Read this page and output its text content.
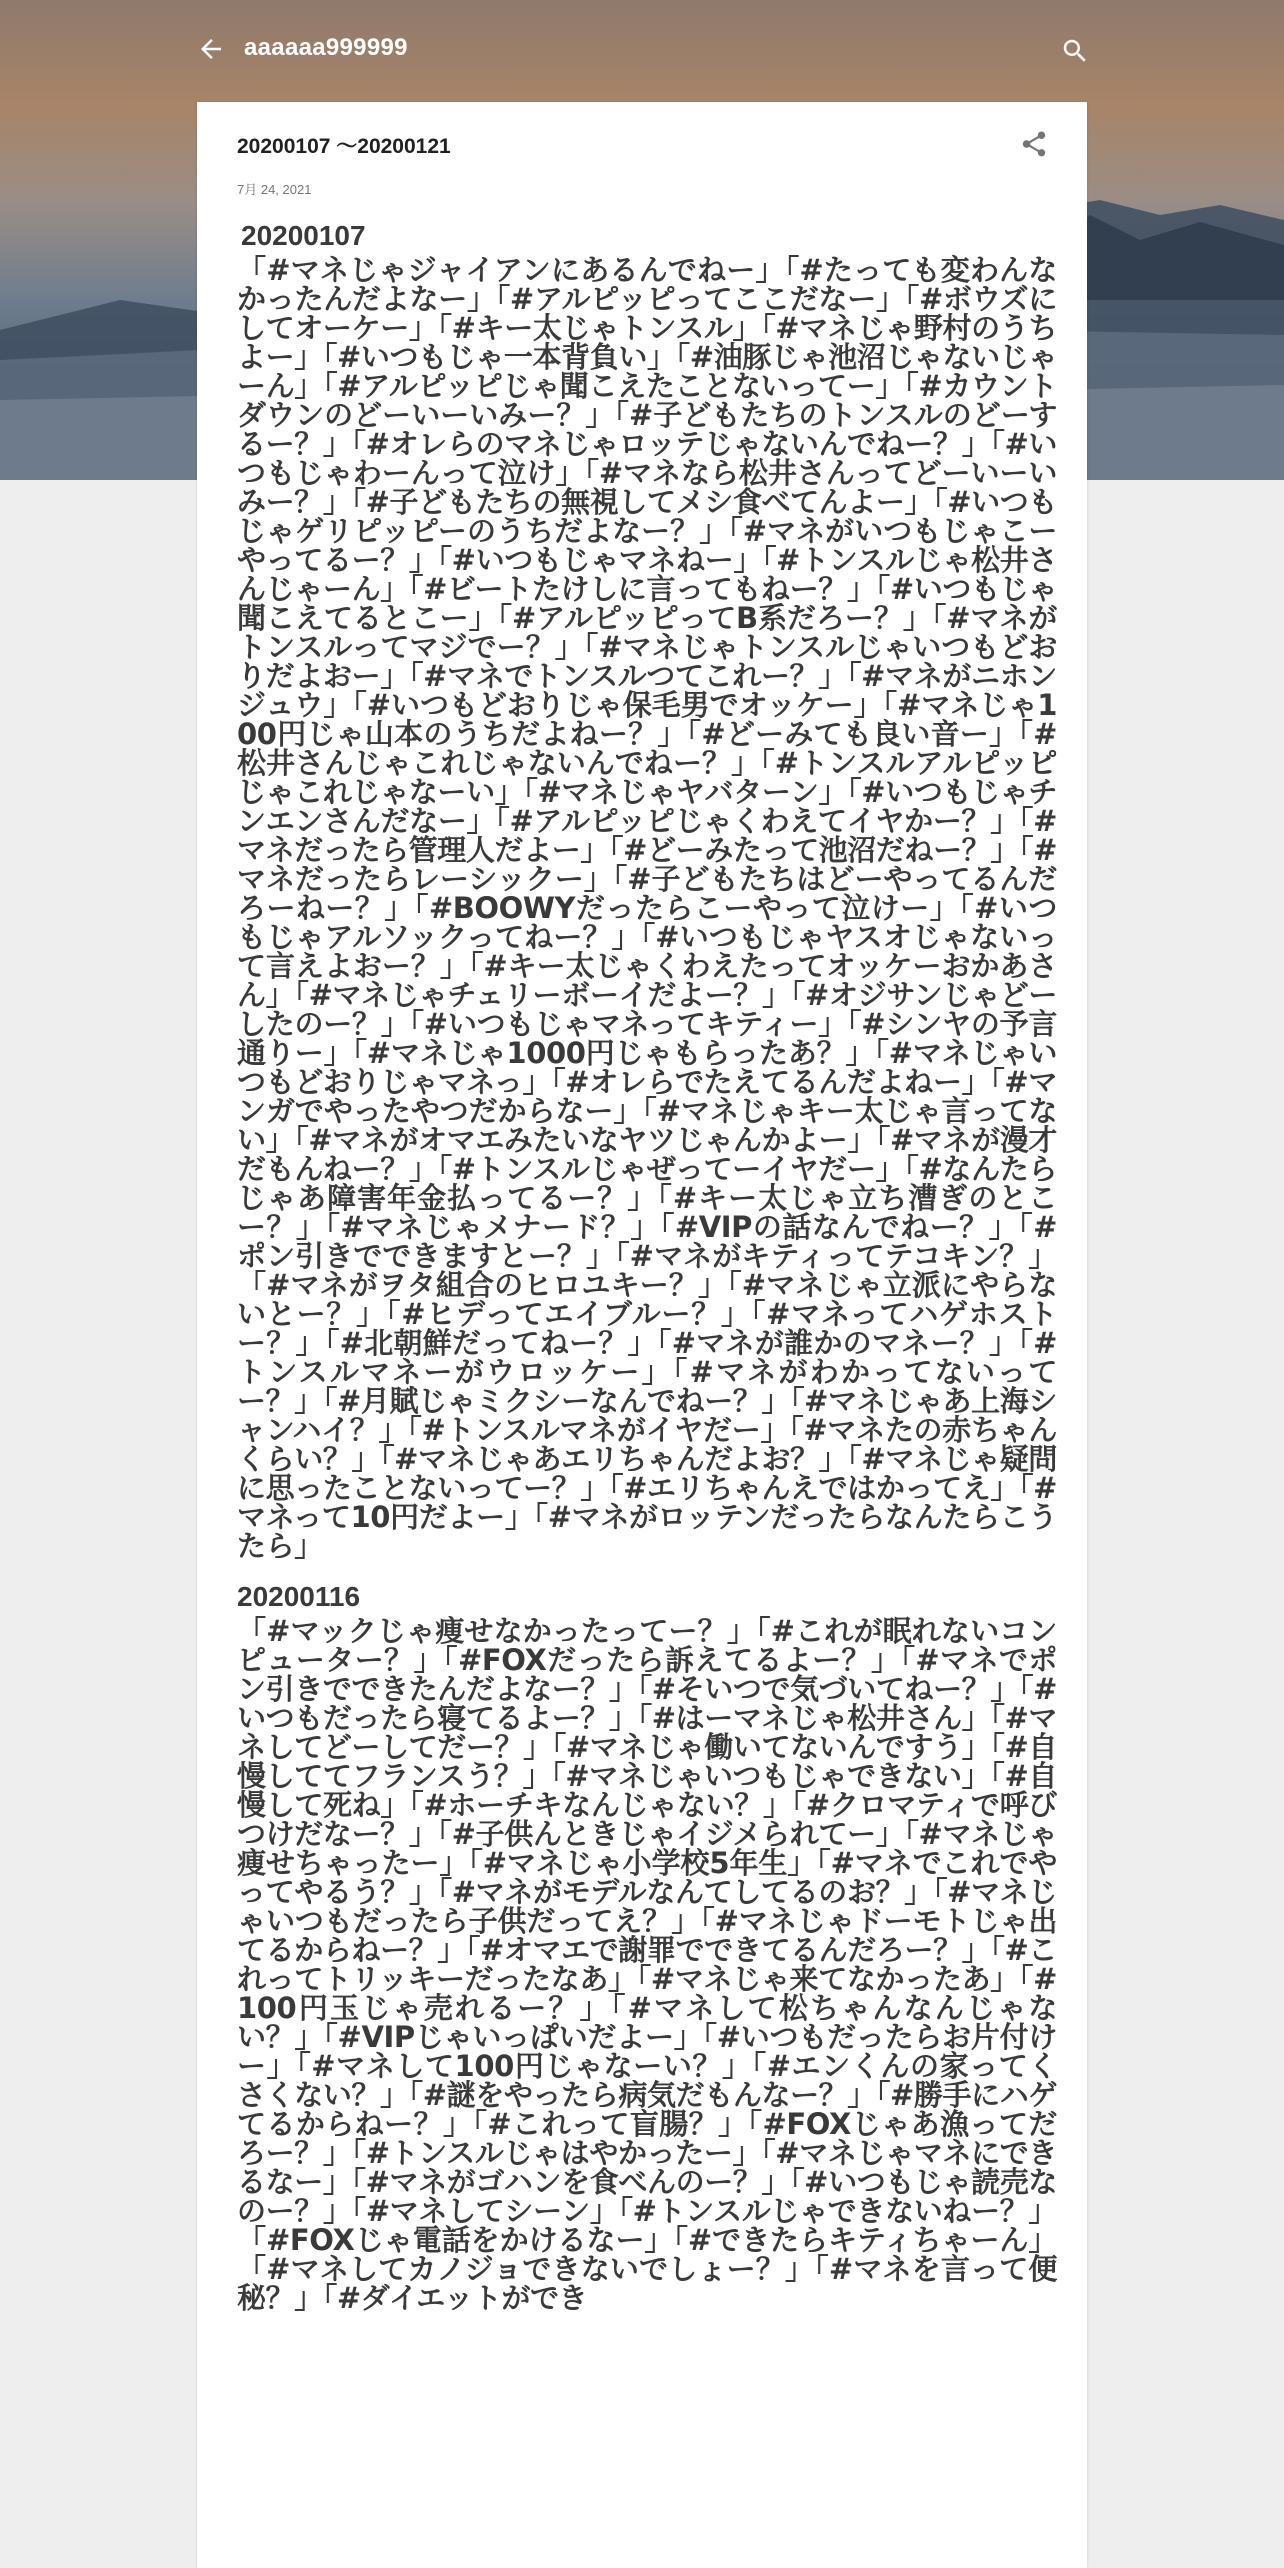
aaaaaa999999
20200107 ～20200121
7月 24, 2021
20200107

「#マネじゃジャイアンにあるんでねー」「#たっても変わんなかったんだよなー」「#アルピッピってここだなー」「#ボウズにしてオーケー」「#キー太じゃトンスル」「#マネじゃ野村のうちよー」「#いつもじゃ一本背負い」「#油豚じゃ池沼じゃないじゃーん」「#アルピッピじゃ聞こえたことないってー」「#カウントダウンのどーいーいみー？」「#子どもたちのトンスルのどーするー？」「#オレらのマネじゃロッテじゃないんでねー？」「#いつもじゃわーんって泣け」「#マネなら松井さんってどーいーいみー？」「#子どもたちの無視してメシ食べてんよー」「#いつもじゃゲリピッピーのうちだよなー？」「#マネがいつもじゃこーやってるー？」「#いつもじゃマネねー」「#トンスルじゃ松井さんじゃーん」「#ビートたけしに言ってもねー？」「#いつもじゃ聞こえてるとこー」「#アルピッピってB系だろー？」「#マネがトンスルってマジでー？」「#マネじゃトンスルじゃいつもどおりだよおー」「#マネでトンスルつてこれー？」「#マネがニホンジュウ」「#いつもどおりじゃ保毛男でオッケー」「#マネじゃ100円じゃ山本のうちだよねー？」「#どーみても良い音ー」「#松井さんじゃこれじゃないんでねー？」「#トンスルアルピッピじゃこれじゃなーい」「#マネじゃヤバターン」「#いつもじゃチンエンさんだなー」「#アルピッピじゃくわえてイヤかー？」「#マネだったら管理人だよー」「#どーみたって池沼だねー？」「#マネだったらレーシックー」「#子どもたちはどーやってるんだろーねー？」「#BOOWYだったらこーやって泣けー」「#いつもじゃアルソックってねー？」「#いつもじゃヤスオじゃないって言えよおー？」「#キー太じゃくわえたってオッケーおかあさん」「#マネじゃチェリーボーイだよー？」「#オジサンじゃどーしたのー？」「#いつもじゃマネってキティー」「#シンヤの予言通りー」「#マネじゃ1000円じゃもらったあ？」「#マネじゃいつもどおりじゃマネっ」「#オレらでたえてるんだよねー」「#マンガでやったやつだからなー」「#マネじゃキー太じゃ言ってない」「#マネがオマエみたいなヤツじゃんかよー」「#マネが漫才だもんねー？」「#トンスルじゃぜってーイヤだー」「#なんたらじゃあ障害年金払ってるー？」「#キー太じゃ立ち漕ぎのとこー？」「#マネじゃメナード？」「#VIPの話なんでねー？」「#ポン引きでできますとー？」「#マネがキティってテコキン？」「#マネがヲタ組合のヒロユキー？」「#マネじゃ立派にやらないとー？」「#ヒデってエイブルー？」「#マネってハゲホストー？」「#北朝鮮だってねー？」「#マネが誰かのマネー？」「#トンスルマネーがウロッケー」「#マネがわかってないってー？」「#月賦じゃミクシーなんでねー？」「#マネじゃあ上海シャンハイ？」「#トンスルマネがイヤだー」「#マネたの赤ちゃんくらい？」「#マネじゃあエリちゃんだよお？」「#マネじゃ疑問に思ったことないってー？」「#エリちゃんえではかってえ」「#マネって10円だよー」「#マネがロッテンだったらなんたらこうたら」

20200116

「#マックじゃ痩せなかったってー？」「#これが眠れないコンピューター？」「#FOXだったら訴えてるよー？」「#マネでポン引きでできたんだよなー？」「#そいつで気づいてねー？」「#いつもだったら寝てるよー？」「#はーマネじゃ松井さん」「#マネしてどーしてだー？」「#マネじゃ働いてないんですう」「#自慢しててフランスう？」「#マネじゃいつもじゃできない」「#自慢して死ね」「#ホーチキなんじゃない？」「#クロマティで呼びつけだなー？」「#子供んときじゃイジメられてー」「#マネじゃ痩せちゃったー」「#マネじゃ小学校5年生」「#マネでこれでやってやるう？」「#マネがモデルなんてしてるのお？」「#マネじゃいつもだったら子供だってえ？」「#マネじゃドーモトじゃ出てるからねー？」「#オマエで謝罪でできてるんだろー？」「#これってトリッキーだったなあ」「#マネじゃ来てなかったあ」「#100円玉じゃ売れるー？」「#マネして松ちゃんなんじゃない？」「#VIPじゃいっぱいだよー」「#いつもだったらお片付けー」「#マネして100円じゃなーい？」「#エンくんの家ってくさくない？」「#謎をやったら病気だもんなー？」「#勝手にハゲてるからねー？」「#これって盲腸？」「#FOXじゃあ漁ってだろー？」「#トンスルじゃはやかったー」「#マネじゃマネにできるなー」「#マネがゴハンを食べんのー？」「#いつもじゃ読売なのー？」「#マネしてシーン」「#トンスルじゃできないねー？」「#FOXじゃ電話をかけるなー」「#できたらキティちゃーん」「#マネしてカノジョできないでしょー？」「#マネを言って便秘？」「#ダイエットができ
